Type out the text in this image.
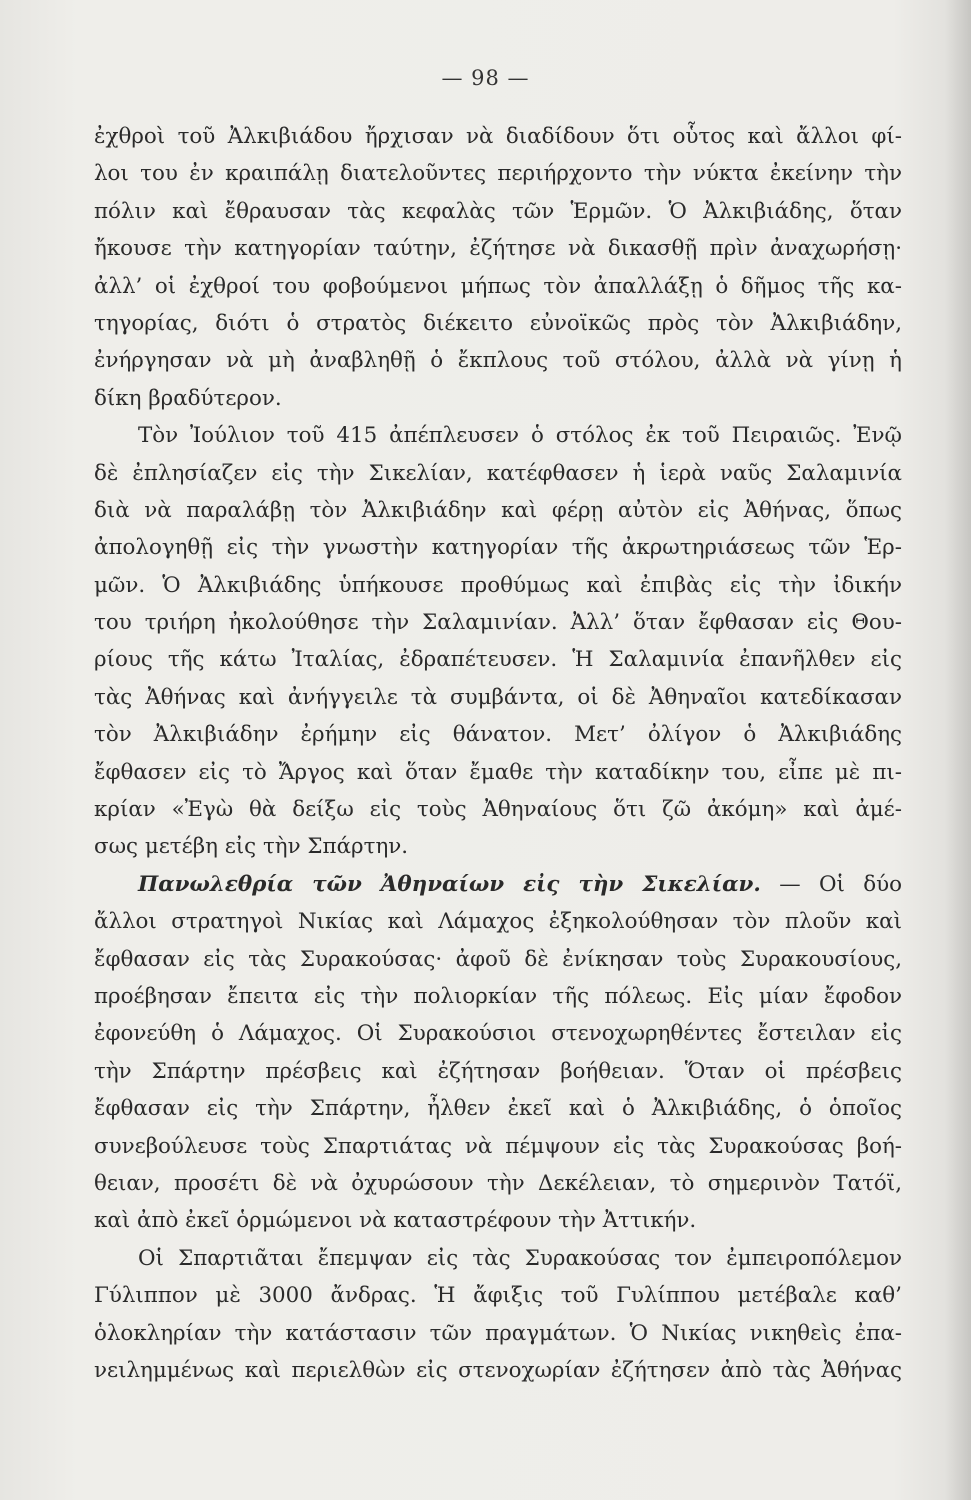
— 98 —
ἐχθροὶ τοῦ Ἀλκιβιάδου ἤρχισαν νὰ διαδίδουν ὅτι οὗτος καὶ ἄλλοι φί-
λοι του ἐν κραιπάλῃ διατελοῦντες περιήρχοντο τὴν νύκτα ἐκείνην τὴν
πόλιν καὶ ἔθραυσαν τὰς κεφαλὰς τῶν Ἑρμῶν. Ὁ Ἀλκιβιάδης, ὅταν
ἤκουσε τὴν κατηγορίαν ταύτην, ἐζήτησε νὰ δικασθῇ πρὶν ἀναχωρήσῃ·
ἀλλ’ οἱ ἐχθροί του φοβούμενοι μήπως τὸν ἀπαλλάξῃ ὁ δῆμος τῆς κα-
τηγορίας, διότι ὁ στρατὸς διέκειτο εὐνοϊκῶς πρὸς τὸν Ἀλκιβιάδην,
ἐνήργησαν νὰ μὴ ἀναβληθῇ ὁ ἔκπλους τοῦ στόλου, ἀλλὰ νὰ γίνῃ ἡ
δίκη βραδύτερον.
Τὸν Ἰούλιον τοῦ 415 ἀπέπλευσεν ὁ στόλος ἐκ τοῦ Πειραιῶς. Ἐνῷ
δὲ ἐπλησίαζεν εἰς τὴν Σικελίαν, κατέφθασεν ἡ ἱερὰ ναῦς Σαλαμινία
διὰ νὰ παραλάβῃ τὸν Ἀλκιβιάδην καὶ φέρῃ αὐτὸν εἰς Ἀθήνας, ὅπως
ἀπολογηθῇ εἰς τὴν γνωστὴν κατηγορίαν τῆς ἀκρωτηριάσεως τῶν Ἑρ-
μῶν. Ὁ Ἀλκιβιάδης ὑπήκουσε προθύμως καὶ ἐπιβὰς εἰς τὴν ἰδικήν
του τριήρη ἠκολούθησε τὴν Σαλαμινίαν. Ἀλλ’ ὅταν ἔφθασαν εἰς Θου-
ρίους τῆς κάτω Ἰταλίας, ἐδραπέτευσεν. Ἡ Σαλαμινία ἐπανῆλθεν εἰς
τὰς Ἀθήνας καὶ ἀνήγγειλε τὰ συμβάντα, οἱ δὲ Ἀθηναῖοι κατεδίκασαν
τὸν Ἀλκιβιάδην ἐρήμην εἰς θάνατον. Μετ’ ὀλίγον ὁ Ἀλκιβιάδης
ἔφθασεν εἰς τὸ Ἄργος καὶ ὅταν ἔμαθε τὴν καταδίκην του, εἶπε μὲ πι-
κρίαν «Ἐγὼ θὰ δείξω εἰς τοὺς Ἀθηναίους ὅτι ζῶ ἀκόμη» καὶ ἀμέ-
σως μετέβη εἰς τὴν Σπάρτην.
Πανωλεθρία τῶν Ἀθηναίων εἰς τὴν Σικελίαν. — Οἱ δύο
ἄλλοι στρατηγοὶ Νικίας καὶ Λάμαχος ἐξηκολούθησαν τὸν πλοῦν καὶ
ἔφθασαν εἰς τὰς Συρακούσας· ἀφοῦ δὲ ἐνίκησαν τοὺς Συρακουσίους,
προέβησαν ἔπειτα εἰς τὴν πολιορκίαν τῆς πόλεως. Εἰς μίαν ἔφοδον
ἐφονεύθη ὁ Λάμαχος. Οἱ Συρακούσιοι στενοχωρηθέντες ἔστειλαν εἰς
τὴν Σπάρτην πρέσβεις καὶ ἐζήτησαν βοήθειαν. Ὅταν οἱ πρέσβεις
ἔφθασαν εἰς τὴν Σπάρτην, ἦλθεν ἐκεῖ καὶ ὁ Ἀλκιβιάδης, ὁ ὁποῖος
συνεβούλευσε τοὺς Σπαρτιάτας νὰ πέμψουν εἰς τὰς Συρακούσας βοή-
θειαν, προσέτι δὲ νὰ ὀχυρώσουν τὴν Δεκέλειαν, τὸ σημερινὸν Τατόϊ,
καὶ ἀπὸ ἐκεῖ ὁρμώμενοι νὰ καταστρέφουν τὴν Ἀττικήν.
Οἱ Σπαρτιᾶται ἔπεμψαν εἰς τὰς Συρακούσας τον ἐμπειροπόλεμον
Γύλιππον μὲ 3000 ἄνδρας. Ἡ ἄφιξις τοῦ Γυλίππου μετέβαλε καθ’
ὁλοκληρίαν τὴν κατάστασιν τῶν πραγμάτων. Ὁ Νικίας νικηθεὶς ἐπα-
νειλημμένως καὶ περιελθὼν εἰς στενοχωρίαν ἐζήτησεν ἀπὸ τὰς Ἀθήνας
